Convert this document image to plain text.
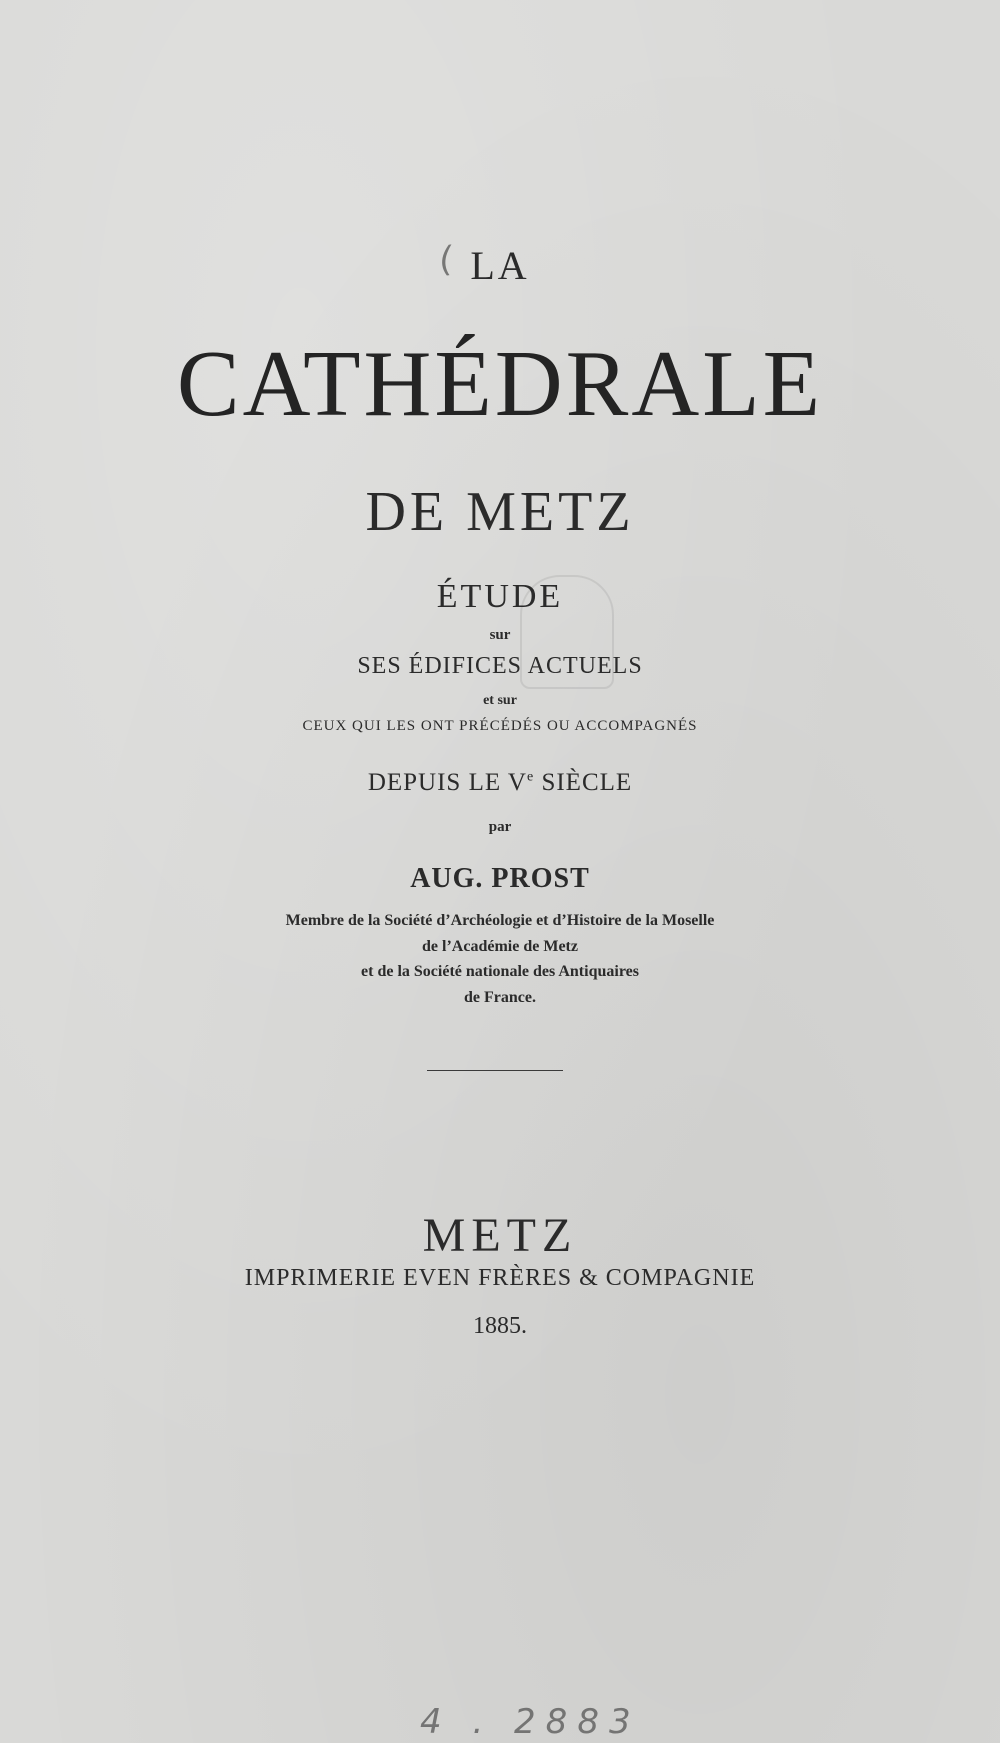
( LA
CATHÉDRALE
DE METZ
ÉTUDE
sur
SES ÉDIFICES ACTUELS
et sur
CEUX QUI LES ONT PRÉCÉDÉS OU ACCOMPAGNÉS
DEPUIS LE Ve SIÈCLE
par
AUG. PROST
Membre de la Société d’Archéologie et d’Histoire de la Moselle
de l’Académie de Metz
et de la Société nationale des Antiquaires
de France.
METZ
IMPRIMERIE EVEN FRÈRES & COMPAGNIE
1885.
4 . 2883
